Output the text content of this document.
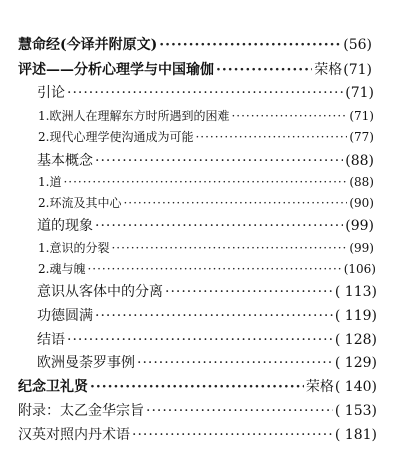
慧命经(今译并附原文) ·····	(56)
评述——分析心理学与中国瑜伽 ·····	荣格 (71)
引论 ·····	(71)
1.欧洲人在理解东方时所遇到的困难 ·····	(71)
2.现代心理学使沟通成为可能 ·····	(77)
基本概念 ·····	(88)
1.道 ·····	(88)
2.环流及其中心 ·····	(90)
道的现象 ·····	(99)
1.意识的分裂 ·····	(99)
2.魂与魄 ·····	(106)
意识从客体中的分离 ·····	( 113)
功德圆满 ·····	( 119)
结语 ·····	( 128)
欧洲曼荼罗事例 ·····	( 129)
纪念卫礼贤 ·····	荣格 ( 140)
附录：太乙金华宗旨 ·····	( 153)
汉英对照内丹术语 ·····	( 181)
